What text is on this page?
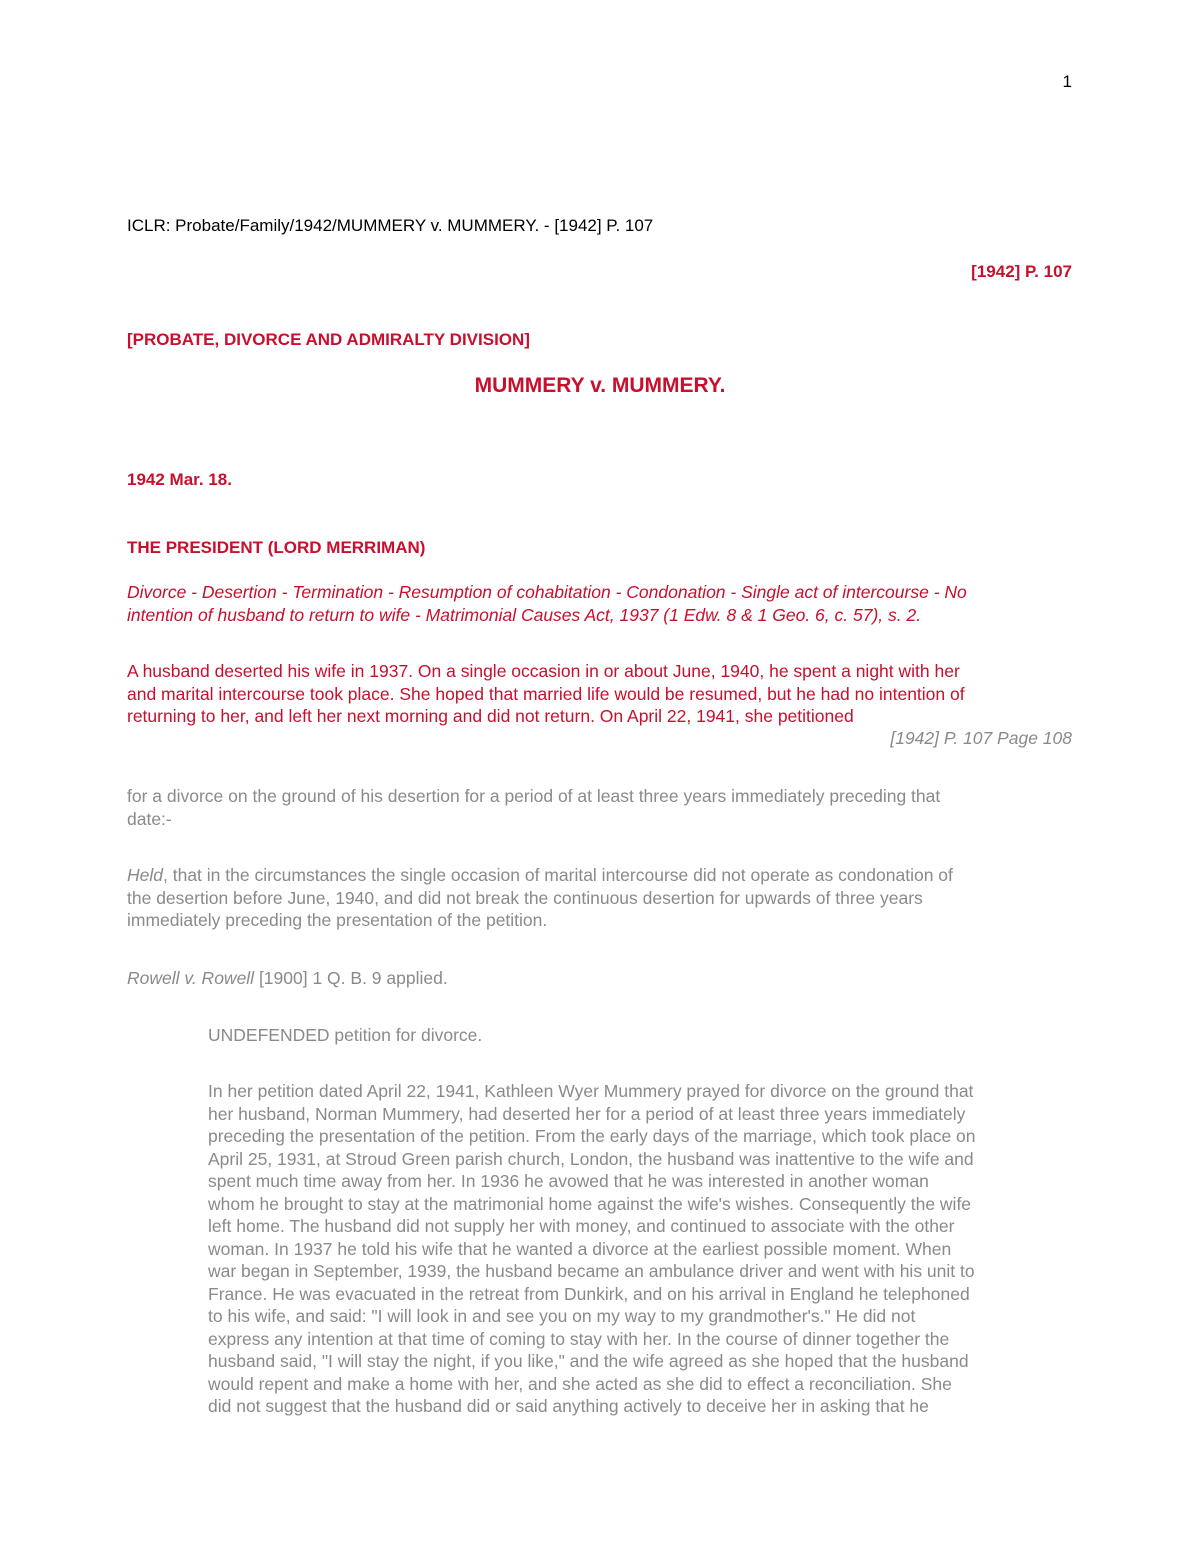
1
ICLR: Probate/Family/1942/MUMMERY v. MUMMERY. - [1942] P. 107
[1942] P. 107
[PROBATE, DIVORCE AND ADMIRALTY DIVISION]
MUMMERY v. MUMMERY.
1942 Mar. 18.
THE PRESIDENT (LORD MERRIMAN)
Divorce - Desertion - Termination - Resumption of cohabitation - Condonation - Single act of intercourse - No
intention of husband to return to wife - Matrimonial Causes Act, 1937 (1 Edw. 8 & 1 Geo. 6, c. 57), s. 2.
A husband deserted his wife in 1937. On a single occasion in or about June, 1940, he spent a night with her
and marital intercourse took place. She hoped that married life would be resumed, but he had no intention of
returning to her, and left her next morning and did not return. On April 22, 1941, she petitioned
[1942] P. 107 Page 108
for a divorce on the ground of his desertion for a period of at least three years immediately preceding that
date:-
Held, that in the circumstances the single occasion of marital intercourse did not operate as condonation of
the desertion before June, 1940, and did not break the continuous desertion for upwards of three years
immediately preceding the presentation of the petition.
Rowell v. Rowell [1900] 1 Q. B. 9 applied.
UNDEFENDED petition for divorce.
In her petition dated April 22, 1941, Kathleen Wyer Mummery prayed for divorce on the ground that
her husband, Norman Mummery, had deserted her for a period of at least three years immediately
preceding the presentation of the petition. From the early days of the marriage, which took place on
April 25, 1931, at Stroud Green parish church, London, the husband was inattentive to the wife and
spent much time away from her. In 1936 he avowed that he was interested in another woman
whom he brought to stay at the matrimonial home against the wife's wishes. Consequently the wife
left home. The husband did not supply her with money, and continued to associate with the other
woman. In 1937 he told his wife that he wanted a divorce at the earliest possible moment. When
war began in September, 1939, the husband became an ambulance driver and went with his unit to
France. He was evacuated in the retreat from Dunkirk, and on his arrival in England he telephoned
to his wife, and said: "I will look in and see you on my way to my grandmother's." He did not
express any intention at that time of coming to stay with her. In the course of dinner together the
husband said, "I will stay the night, if you like," and the wife agreed as she hoped that the husband
would repent and make a home with her, and she acted as she did to effect a reconciliation. She
did not suggest that the husband did or said anything actively to deceive her in asking that he
